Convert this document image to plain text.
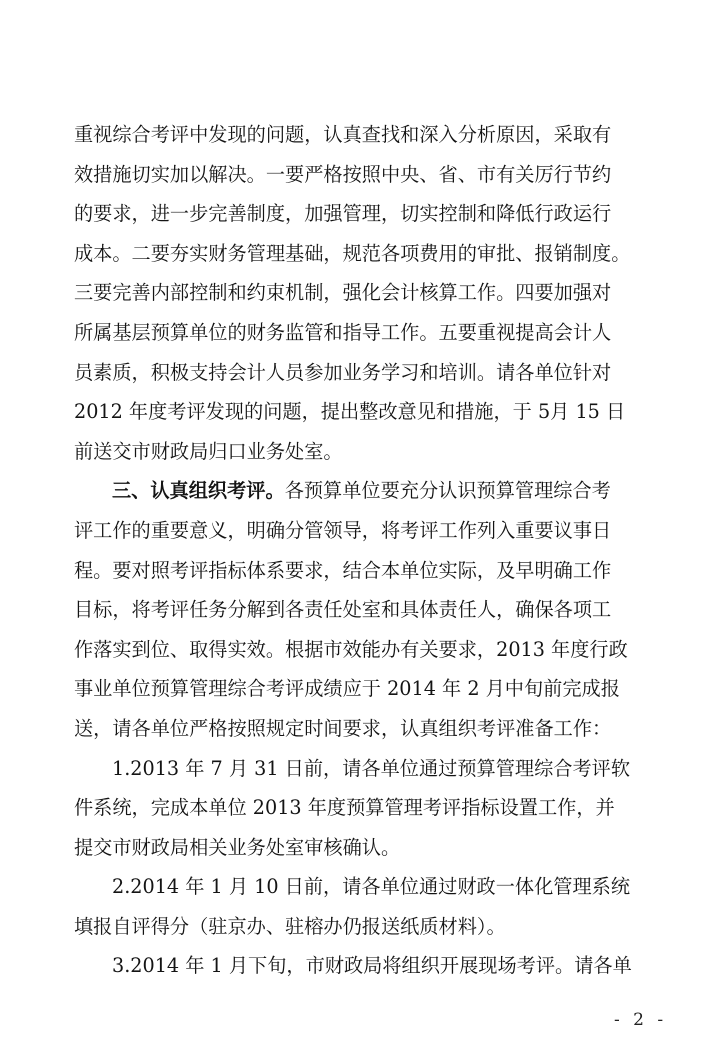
重视综合考评中发现的问题，认真查找和深入分析原因，采取有
效措施切实加以解决。一要严格按照中央、省、市有关厉行节约
的要求，进一步完善制度，加强管理，切实控制和降低行政运行
成本。二要夯实财务管理基础，规范各项费用的审批、报销制度。
三要完善内部控制和约束机制，强化会计核算工作。四要加强对
所属基层预算单位的财务监管和指导工作。五要重视提高会计人
员素质，积极支持会计人员参加业务学习和培训。请各单位针对
2012 年度考评发现的问题，提出整改意见和措施，于 5月 15 日
前送交市财政局归口业务处室。

三、认真组织考评。各预算单位要充分认识预算管理综合考
评工作的重要意义，明确分管领导，将考评工作列入重要议事日
程。要对照考评指标体系要求，结合本单位实际，及早明确工作
目标，将考评任务分解到各责任处室和具体责任人，确保各项工
作落实到位、取得实效。根据市效能办有关要求，2013 年度行政
事业单位预算管理综合考评成绩应于 2014 年 2 月中旬前完成报
送，请各单位严格按照规定时间要求，认真组织考评准备工作：

1.2013 年 7 月 31 日前，请各单位通过预算管理综合考评软
件系统，完成本单位 2013 年度预算管理考评指标设置工作，并
提交市财政局相关业务处室审核确认。

2.2014 年 1 月 10 日前，请各单位通过财政一体化管理系统
填报自评得分（驻京办、驻榕办仍报送纸质材料）。

3.2014 年 1 月下旬，市财政局将组织开展现场考评。请各单

- 2 -
